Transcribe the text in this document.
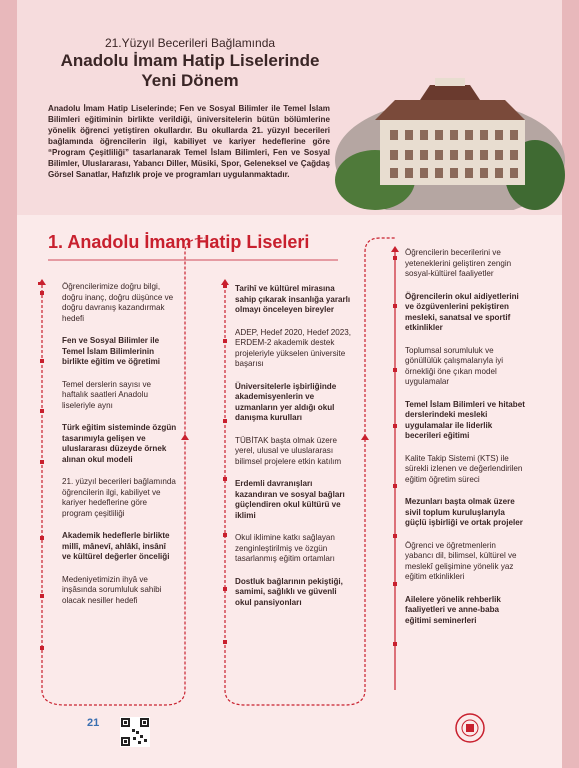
21.Yüzyıl Becerileri Bağlamında
Anadolu İmam Hatip Liselerinde
Yeni Dönem
Anadolu İmam Hatip Liselerinde; Fen ve Sosyal Bilimler ile Temel İslam Bilimleri eğitiminin birlikte verildiği, üniversitelerin bütün bölümlerine yönelik öğrenci yetiştiren okullardır. Bu okullarda 21. yüzyıl becerileri bağlamında öğrencilerin ilgi, kabiliyet ve kariyer hedeflerine göre “Program Çeşitliliği” tasarlanarak Temel İslam Bilimleri, Fen ve Sosyal Bilimler, Uluslararası, Yabancı Diller, Müsiki, Spor, Geleneksel ve Çağdaş Görsel Sanatlar, Hafızlık proje ve programları uygulanmaktadır.
1. Anadolu İmam Hatip Liseleri
Öğrencilerimize doğru bilgi, doğru inanç, doğru düşünce ve doğru davranış kazandırmak hedefi
Fen ve Sosyal Bilimler ile Temel İslam Bilimlerinin birlikte eğitim ve öğretimi
Temel derslerin sayısı ve haftalık saatleri Anadolu liseleriyle aynı
Türk eğitim sisteminde özgün tasarımıyla gelişen ve uluslararası düzeyde örnek alınan okul modeli
21. yüzyıl becerileri bağlamında öğrencilerin ilgi, kabiliyet ve kariyer hedeflerine göre program çeşitliliği
Akademik hedeflerle birlikte millî, mânevî, ahlâkî, insânî ve kültürel değerler önceliği
Medeniyetimizin ihyâ ve inşâsında sorumluluk sahibi olacak nesiller hedefi
Tarihî ve kültürel mirasına sahip çıkarak insanlığa yararlı olmayı önceleyen bireyler
ADEP, Hedef 2020, Hedef 2023, ERDEM-2 akademik destek projeleriyle yükselen üniversite başarısı
Üniversitelerle işbirliğinde akademisyenlerin ve uzmanların yer aldığı okul danışma kurulları
TÜBİTAK başta olmak üzere yerel, ulusal ve uluslararası bilimsel projelere etkin katılım
Erdemli davranışları kazandıran ve sosyal bağları güçlendiren okul kültürü ve iklimi
Okul iklimine katkı sağlayan zenginleştirilmiş ve özgün tasarlanmış eğitim ortamları
Dostluk bağlarının pekiştiği, samimi, sağlıklı ve güvenli okul pansiyonları
Öğrencilerin becerilerini ve yeteneklerini geliştiren zengin sosyal-kültürel faaliyetler
Öğrencilerin okul aidiyetlerini ve özgüvenlerini pekiştiren mesleki, sanatsal ve sportif etkinlikler
Toplumsal sorumluluk ve gönüllülük çalışmalarıyla iyi örnekliği öne çıkan model uygulamalar
Temel İslam Bilimleri ve hitabet derslerindeki mesleki uygulamalar ile liderlik becerileri eğitimi
Kalite Takip Sistemi (KTS) ile sürekli izlenen ve değerlendirilen eğitim öğretim süreci
Mezunları başta olmak üzere sivil toplum kuruluşlarıyla güçlü işbirliği ve ortak projeler
Öğrenci ve öğretmenlerin yabancı dil, bilimsel, kültürel ve meslekî gelişimine yönelik yaz eğitim etkinlikleri
Ailelere yönelik rehberlik faaliyetleri ve anne-baba eğitimi seminerleri
21
